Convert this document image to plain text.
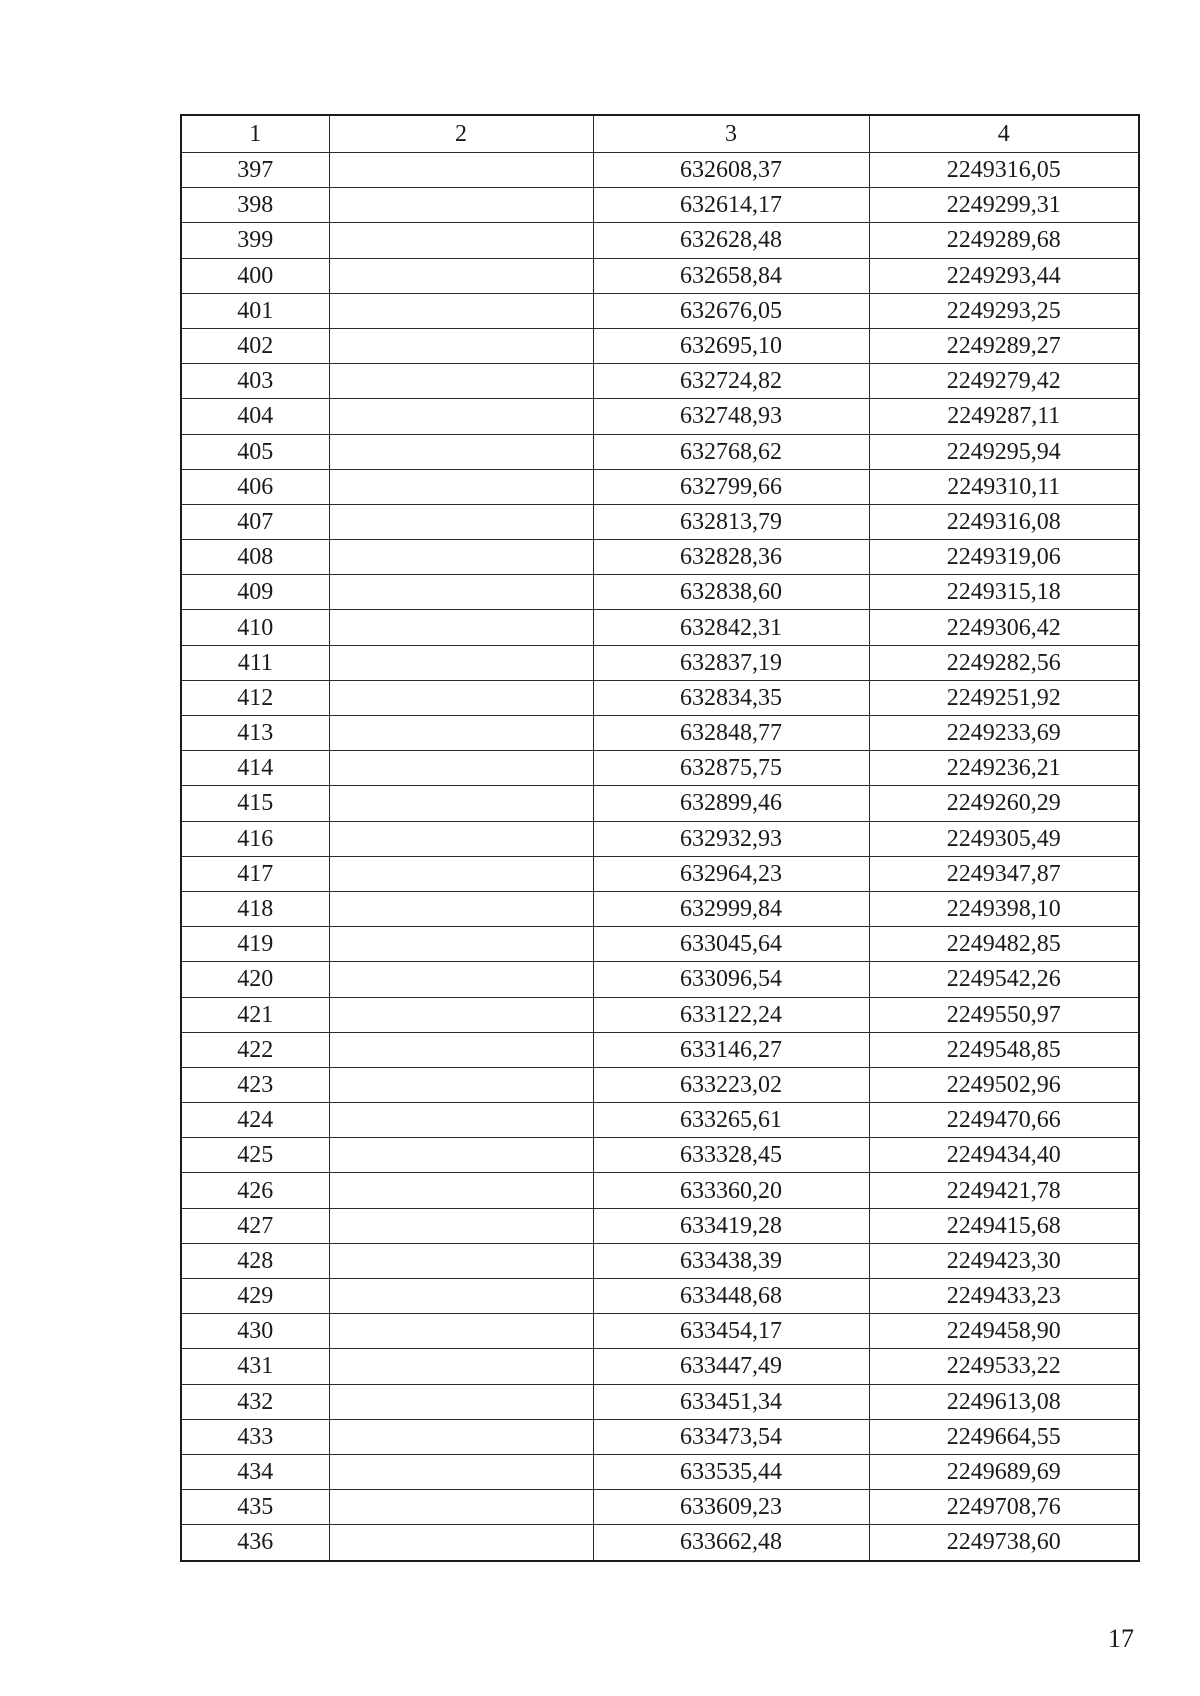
1	2	3	4
397		632608,37	2249316,05
398		632614,17	2249299,31
399		632628,48	2249289,68
400		632658,84	2249293,44
401		632676,05	2249293,25
402		632695,10	2249289,27
403		632724,82	2249279,42
404		632748,93	2249287,11
405		632768,62	2249295,94
406		632799,66	2249310,11
407		632813,79	2249316,08
408		632828,36	2249319,06
409		632838,60	2249315,18
410		632842,31	2249306,42
411		632837,19	2249282,56
412		632834,35	2249251,92
413		632848,77	2249233,69
414		632875,75	2249236,21
415		632899,46	2249260,29
416		632932,93	2249305,49
417		632964,23	2249347,87
418		632999,84	2249398,10
419		633045,64	2249482,85
420		633096,54	2249542,26
421		633122,24	2249550,97
422		633146,27	2249548,85
423		633223,02	2249502,96
424		633265,61	2249470,66
425		633328,45	2249434,40
426		633360,20	2249421,78
427		633419,28	2249415,68
428		633438,39	2249423,30
429		633448,68	2249433,23
430		633454,17	2249458,90
431		633447,49	2249533,22
432		633451,34	2249613,08
433		633473,54	2249664,55
434		633535,44	2249689,69
435		633609,23	2249708,76
436		633662,48	2249738,60
17
